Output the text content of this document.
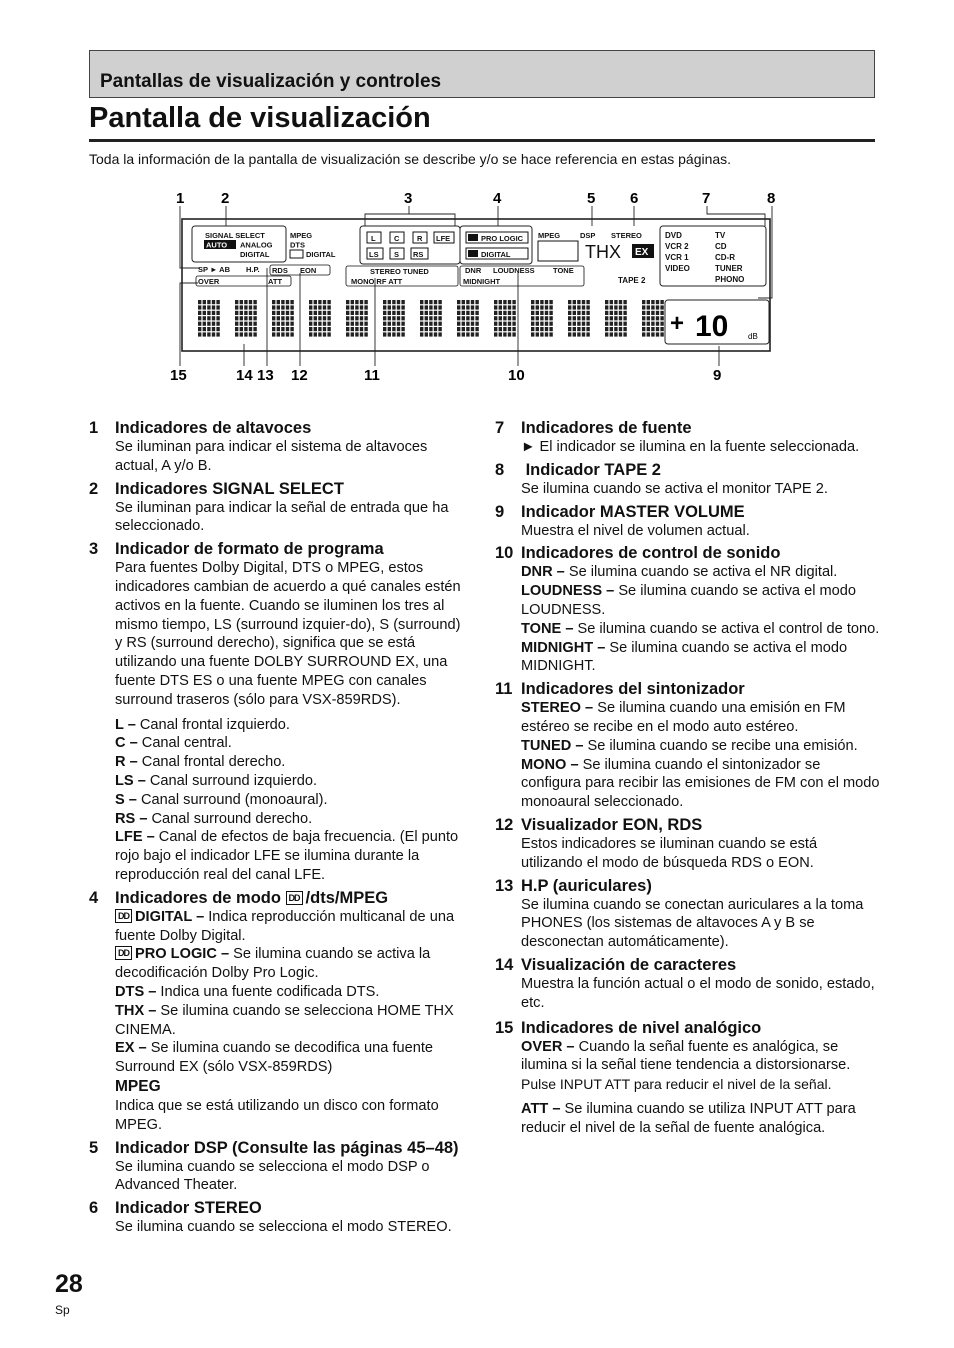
Pantallas de visualización y controles
Pantalla de visualización
Toda la información de la pantalla de visualización se describe y/o se hace referencia en estas páginas.
1 2	3	4	5 6	7	8
15	14 13 12	11	10	9
SIGNAL SELECT
AUTO ANALOG
DIGITAL
MPEG
DTS
DIGITAL
L C R LFE
LS S RS
PRO LOGIC
DIGITAL
MPEG	DSP STEREO
THX EX
DVD
VCR 2
VCR 1
VIDEO
TV
CD
CD-R
TUNER
PHONO
TAPE 2
SP ► AB H.P. RDS EON
OVER	ATT
STEREO TUNED
MONO RF ATT
DNR LOUDNESS TONE
MIDNIGHT
+ 10 dB
1	Indicadores de altavoces

Se iluminan para indicar el sistema de altavoces actual, A y/o B.

2	Indicadores SIGNAL SELECT

Se iluminan para indicar la señal de entrada que ha seleccionado.

3	Indicador de formato de programa

Para fuentes Dolby Digital, DTS o MPEG, estos indicadores cambian de acuerdo a qué canales estén activos en la fuente. Cuando se iluminen los tres al mismo tiempo, LS (surround izquier-do), S (surround) y RS (surround derecho), significa que se está utilizando una fuente DOLBY SURROUND EX, una fuente DTS ES o una fuente MPEG con canales surround traseros (sólo para VSX-859RDS).

L – Canal frontal izquierdo.

C – Canal central.

R – Canal frontal derecho.

LS – Canal surround izquierdo.

S – Canal surround (monoaural).

RS – Canal surround derecho.

LFE – Canal de efectos de baja frecuencia. (El punto rojo bajo el indicador LFE se ilumina durante la reproducción real del canal LFE.

4	Indicadores de modo DD /dts/MPEG

DD DIGITAL – Indica reproducción multicanal de una fuente Dolby Digital.

DD PRO LOGIC – Se ilumina cuando se activa la decodificación Dolby Pro Logic.

DTS – Indica una fuente codificada DTS.

THX – Se ilumina cuando se selecciona HOME THX CINEMA.

EX – Se ilumina cuando se decodifica una fuente Surround EX (sólo VSX-859RDS)

MPEG

Indica que se está utilizando un disco con formato MPEG.

5	Indicador DSP (Consulte las páginas 45–48)

Se ilumina cuando se selecciona el modo DSP o Advanced Theater.

6	Indicador STEREO

Se ilumina cuando se selecciona el modo STEREO.

7	Indicadores de fuente

► El indicador se ilumina en la fuente seleccionada.

8	Indicador TAPE 2

Se ilumina cuando se activa el monitor TAPE 2.

9	Indicador MASTER VOLUME

Muestra el nivel de volumen actual.

10 Indicadores de control de sonido

DNR – Se ilumina cuando se activa el NR digital.

LOUDNESS – Se ilumina cuando se activa el modo LOUDNESS.

TONE – Se ilumina cuando se activa el control de tono.

MIDNIGHT – Se ilumina cuando se activa el modo MIDNIGHT.

11 Indicadores del sintonizador

STEREO – Se ilumina cuando una emisión en FM estéreo se recibe en el modo auto estéreo.

TUNED – Se ilumina cuando se recibe una emisión.

MONO – Se ilumina cuando el sintonizador se configura para recibir las emisiones de FM con el modo monoaural seleccionado.

12 Visualizador EON, RDS

Estos indicadores se iluminan cuando se está utilizando el modo de búsqueda RDS o EON.

13 H.P (auriculares)

Se ilumina cuando se conectan auriculares a la toma PHONES (los sistemas de altavoces A y B se desconectan automáticamente).

14 Visualización de caracteres

Muestra la función actual o el modo de sonido, estado, etc.

15 Indicadores de nivel analógico

OVER – Cuando la señal fuente es analógica, se ilumina si la señal tiene tendencia a distorsionarse.

Pulse INPUT ATT para reducir el nivel de la señal.

ATT – Se ilumina cuando se utiliza INPUT ATT para reducir el nivel de la señal de fuente analógica.

28
Sp
